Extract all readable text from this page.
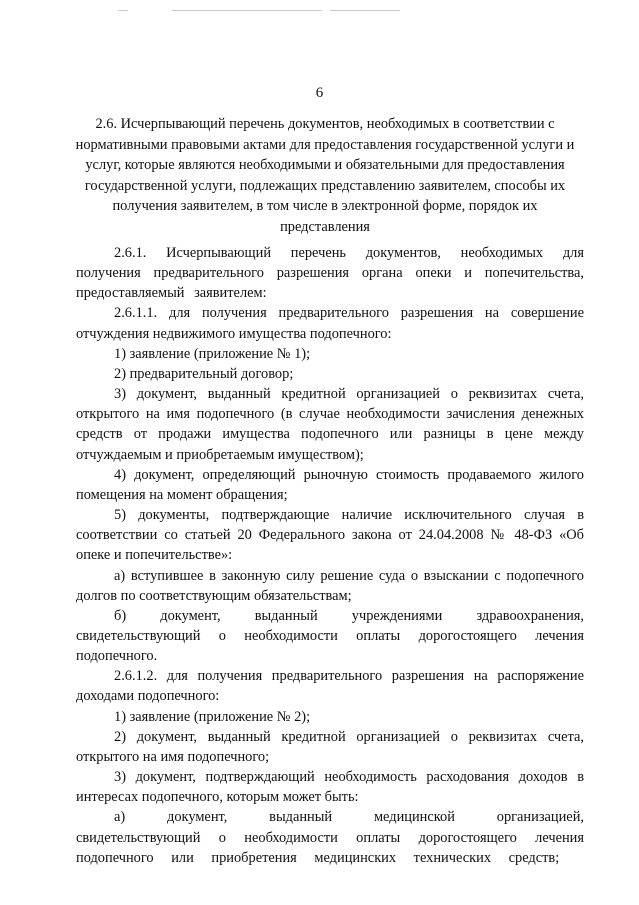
6
2.6. Исчерпывающий перечень документов, необходимых в соответствии с нормативными правовыми актами для предоставления государственной услуги и услуг, которые являются необходимыми и обязательными для предоставления государственной услуги, подлежащих представлению заявителем, способы их получения заявителем, в том числе в электронной форме, порядок их представления

2.6.1. Исчерпывающий перечень документов, необходимых для получения предварительного разрешения органа опеки и попечительства, предоставляемый заявителем:

2.6.1.1. для получения предварительного разрешения на совершение отчуждения недвижимого имущества подопечного:

1) заявление (приложение № 1);

2) предварительный договор;

3) документ, выданный кредитной организацией о реквизитах счета, открытого на имя подопечного (в случае необходимости зачисления денежных средств от продажи имущества подопечного или разницы в цене между отчуждаемым и приобретаемым имуществом);

4) документ, определяющий рыночную стоимость продаваемого жилого помещения на момент обращения;

5) документы, подтверждающие наличие исключительного случая в соответствии со статьей 20 Федерального закона от 24.04.2008 № 48-ФЗ «Об опеке и попечительстве»:

а) вступившее в законную силу решение суда о взыскании с подопечного долгов по соответствующим обязательствам;

б) документ, выданный учреждениями здравоохранения, свидетельствующий о необходимости оплаты дорогостоящего лечения подопечного.

2.6.1.2. для получения предварительного разрешения на распоряжение доходами подопечного:

1) заявление (приложение № 2);

2) документ, выданный кредитной организацией о реквизитах счета, открытого на имя подопечного;

3) документ, подтверждающий необходимость расходования доходов в интересах подопечного, которым может быть:

а) документ, выданный медицинской организацией, свидетельствующий о необходимости оплаты дорогостоящего лечения подопечного или приобретения медицинских технических средств;
